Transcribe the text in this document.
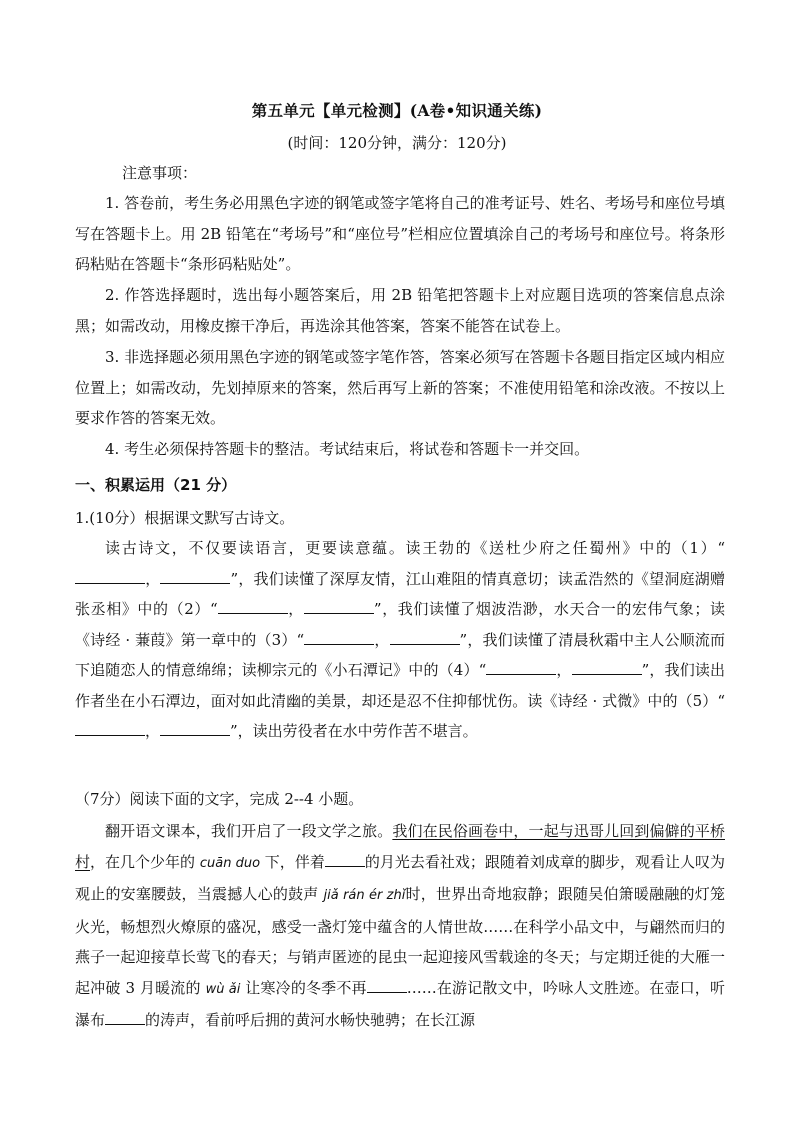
第五单元【单元检测】(A卷•知识通关练)
(时间：120分钟，满分：120分)
注意事项：
1. 答卷前，考生务必用黑色字迹的钢笔或签字笔将自己的准考证号、姓名、考场号和座位号填写在答题卡上。用 2B 铅笔在“考场号”和“座位号”栏相应位置填涂自己的考场号和座位号。将条形码粘贴在答题卡“条形码粘贴处”。
2. 作答选择题时，选出每小题答案后，用 2B 铅笔把答题卡上对应题目选项的答案信息点涂黑；如需改动，用橡皮擦干净后，再选涂其他答案，答案不能答在试卷上。
3. 非选择题必须用黑色字迹的钢笔或签字笔作答，答案必须写在答题卡各题目指定区域内相应位置上；如需改动，先划掉原来的答案，然后再写上新的答案；不准使用铅笔和涂改液。不按以上要求作答的答案无效。
4. 考生必须保持答题卡的整洁。考试结束后，将试卷和答题卡一并交回。
一、积累运用（21 分）
1.(10分）根据课文默写古诗文。
读古诗文，不仅要读语言，更要读意蕴。读王勃的《送杜少府之任蜀州》中的（1）“，	”，我们读懂了深厚友情，江山难阻的情真意切；读孟浩然的《望洞庭湖赠张丞相》中的（2）“	，	”，我们读懂了烟波浩渺，水天合一的宏伟气象；读《诗经 · 蒹葭》第一章中的（3）“	，	”，我们读懂了清晨秋霜中主人公顺流而下追随恋人的情意绵绵；读柳宗元的《小石潭记》中的（4）“	，	”，我们读出作者坐在小石潭边，面对如此清幽的美景，却还是忍不住抑郁忧伤。读《诗经 · 式微》中的（5）“，	”，读出劳役者在水中劳作苦不堪言。
（7分）阅读下面的文字，完成 2--4 小题。
翻开语文课本，我们开启了一段文学之旅。我们在民俗画卷中，一起与迅哥儿回到偏僻的平桥村，在几个少年的 cuān duo 下，伴着	的月光去看社戏；跟随着刘成章的脚步，观看让人叹为观止的安塞腰鼓，当震撼人心的鼓声 jiǎ rán ér zhǐ时，世界出奇地寂静；跟随吴伯箫暖融融的灯笼火光，畅想烈火燎原的盛况，感受一盏灯笼中蕴含的人情世故……在科学小品文中，与翩然而归的燕子一起迎接草长莺飞的春天；与销声匿迹的昆虫一起迎接风雪载途的冬天；与定期迁徙的大雁一起冲破 3 月暖流的 wù ǎi 让寒冷的冬季不再	……在游记散文中，吟咏人文胜迹。在壶口，听瀑布	的涛声，看前呼后拥的黄河水畅快驰骋；在长江源
